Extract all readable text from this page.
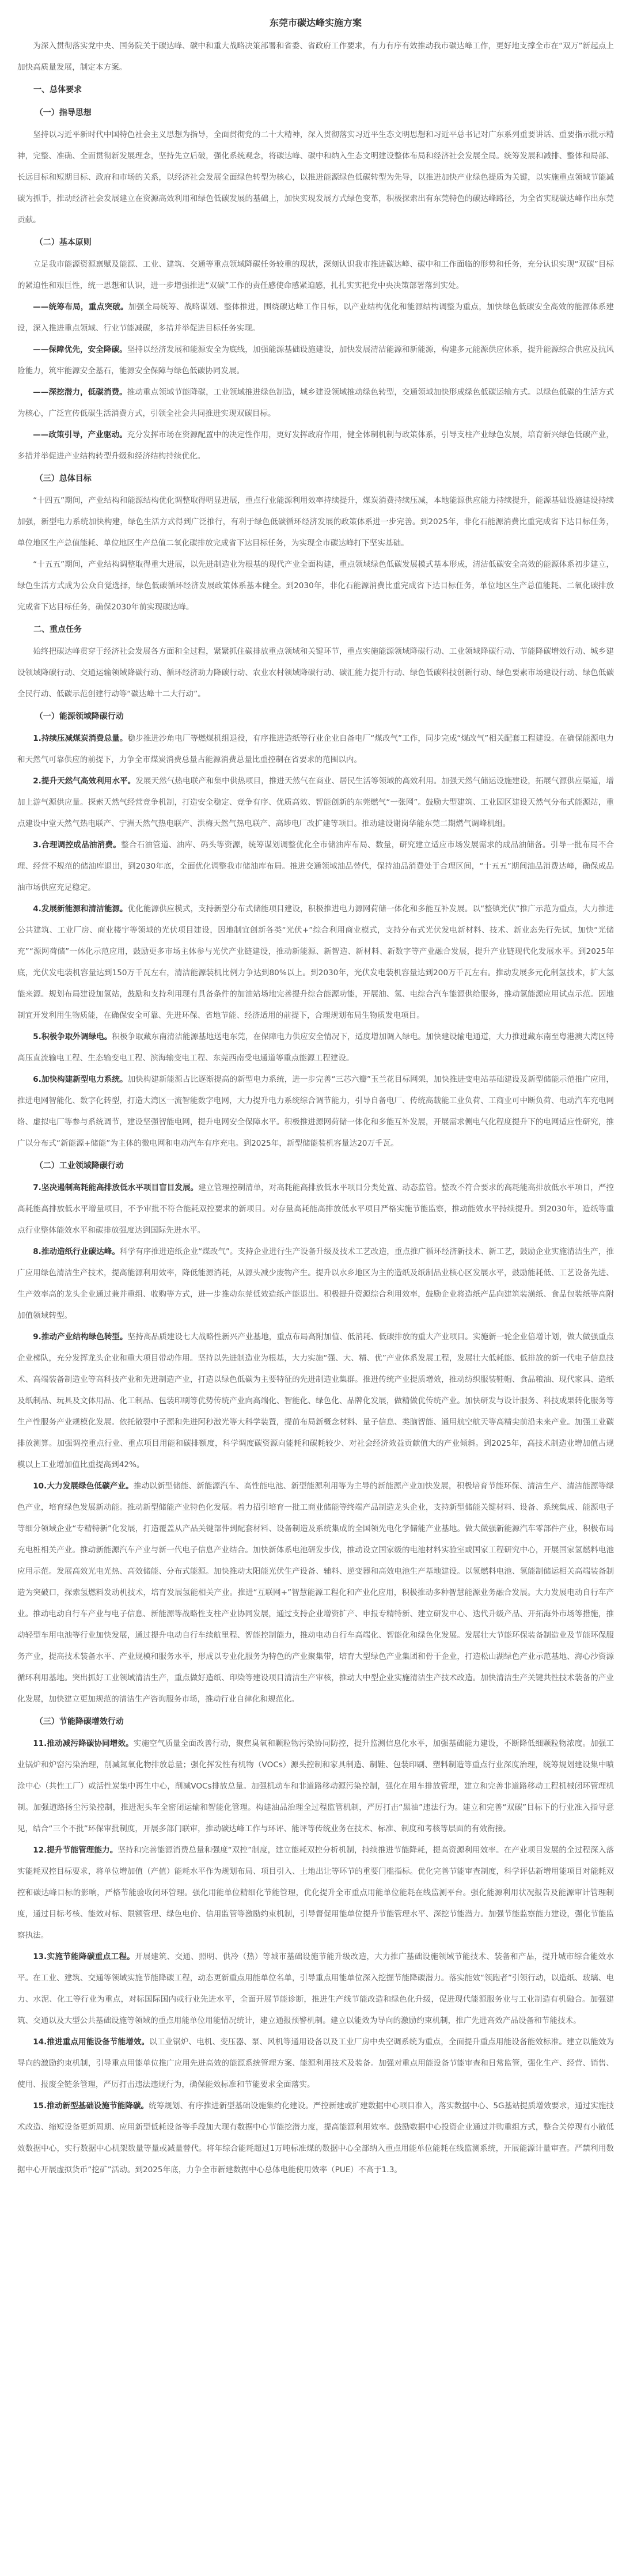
东莞市碳达峰实施方案

为深入贯彻落实党中央、国务院关于碳达峰、碳中和重大战略决策部署和省委、省政府工作要求，有力有序有效推动我市碳达峰工作，更好地支撑全市在“双万”新起点上加快高质量发展，制定本方案。

一、总体要求
（一）指导思想

坚持以习近平新时代中国特色社会主义思想为指导，全面贯彻党的二十大精神，深入贯彻落实习近平生态文明思想和习近平总书记对广东系列重要讲话、重要指示批示精神，完整、准确、全面贯彻新发展理念，坚持先立后破，强化系统观念，将碳达峰、碳中和纳入生态文明建设整体布局和经济社会发展全局。统筹发展和减排、整体和局部、长远目标和短期目标、政府和市场的关系，以经济社会发展全面绿色转型为核心，以推进能源绿色低碳转型为先导，以推进加快产业绿色提质为关键，以实施重点领域节能减碳为抓手，推动经济社会发展建立在资源高效利用和绿色低碳发展的基础上，加快实现发展方式绿色变革，积极探索出有东莞特色的碳达峰路径，为全省实现碳达峰作出东莞贡献。

（二）基本原则

立足我市能源资源禀赋及能源、工业、建筑、交通等重点领域降碳任务较重的现状，深刻认识我市推进碳达峰、碳中和工作面临的形势和任务，充分认识实现“双碳”目标的紧迫性和艰巨性，统一思想和认识，进一步增强推进“双碳”工作的责任感使命感紧迫感，扎扎实实把党中央决策部署落到实处。

——统筹布局，重点突破。加强全局统筹、战略谋划、整体推进，围绕碳达峰工作目标，以产业结构优化和能源结构调整为重点，加快绿色低碳安全高效的能源体系建设，深入推进重点领域、行业节能减碳，多措并举促进目标任务实现。

——保障优先，安全降碳。坚持以经济发展和能源安全为底线，加强能源基础设施建设，加快发展清洁能源和新能源，构建多元能源供应体系，提升能源综合供应及抗风险能力，筑牢能源安全基石，能源安全保障与绿色低碳协同发展。

——深挖潜力，低碳消费。推动重点领域节能降碳，工业领域推进绿色制造，城乡建设领域推动绿色转型，交通领域加快形成绿色低碳运输方式。以绿色低碳的生活方式为核心，广泛宣传低碳生活消费方式，引领全社会共同推进实现双碳目标。

——政策引导，产业驱动。充分发挥市场在资源配置中的决定性作用，更好发挥政府作用，健全体制机制与政策体系，引导支柱产业绿色发展，培育新兴绿色低碳产业，多措并举促进产业结构转型升级和经济结构持续优化。

（三）总体目标

“十四五”期间，产业结构和能源结构优化调整取得明显进展，重点行业能源利用效率持续提升，煤炭消费持续压减，本地能源供应能力持续提升，能源基础设施建设持续加强，新型电力系统加快构建，绿色生活方式得到广泛推行，有利于绿色低碳循环经济发展的政策体系进一步完善。到2025年，非化石能源消费比重完成省下达目标任务，单位地区生产总值能耗、单位地区生产总值二氧化碳排放完成省下达目标任务，为实现全市碳达峰打下坚实基础。

“十五五”期间，产业结构调整取得重大进展，以先进制造业为根基的现代产业全面构建，重点领域绿色低碳发展模式基本形成，清洁低碳安全高效的能源体系初步建立，绿色生活方式成为公众自觉选择，绿色低碳循环经济发展政策体系基本健全。到2030年，非化石能源消费比重完成省下达目标任务，单位地区生产总值能耗、二氧化碳排放完成省下达目标任务，确保2030年前实现碳达峰。

二、重点任务

始终把碳达峰贯穿于经济社会发展各方面和全过程，紧紧抓住碳排放重点领域和关键环节，重点实施能源领域降碳行动、工业领域降碳行动、节能降碳增效行动、城乡建设领域降碳行动、交通运输领域降碳行动、循环经济助力降碳行动、农业农村领域降碳行动、碳汇能力提升行动、绿色低碳科技创新行动、绿色要素市场建设行动、绿色低碳全民行动、低碳示范创建行动等“碳达峰十二大行动”。

（一）能源领域降碳行动

1.持续压减煤炭消费总量。稳步推进沙角电厂等燃煤机组退役，有序推进造纸等行业企业自备电厂“煤改气”工作，同步完成“煤改气”相关配套工程建设。在确保能源电力和天然气可靠供应的前提下，力争全市煤炭消费总量占能源消费总量比重控制在省要求的范围以内。

2.提升天然气高效利用水平。发展天然气热电联产和集中供热项目，推进天然气在商业、居民生活等领域的高效利用。加强天然气储运设施建设，拓展气源供应渠道，增加上游气源供应量。探索天然气经营竞争机制，打造安全稳定、竞争有序、优质高效、智能创新的东莞燃气“一张网”。鼓励大型建筑、工业园区建设天然气分布式能源站，重点建设中堂天然气热电联产、宁洲天然气热电联产、洪梅天然气热电联产、高埗电厂改扩建等项目。推动建设谢岗华能东莞二期燃气调峰机组。

3.合理调控成品油消费。整合石油管道、油库、码头等资源，统筹谋划调整优化全市储油库布局、数量，研究建立适应市场发展需求的成品油储备。引导一批布局不合理、经营不规范的储油库退出，到2030年底，全面优化调整我市储油库布局。推进交通领域油品替代，保持油品消费处于合理区间，“十五五”期间油品消费达峰，确保成品油市场供应充足稳定。

4.发展新能源和清洁能源。优化能源供应模式，支持新型分布式储能项目建设，积极推进电力源网荷储一体化和多能互补发展。以“整镇光伏”推广示范为重点，大力推进公共建筑、工业厂房、商业楼宇等领域的光伏项目建设，因地制宜创新各类“光伏+”综合利用商业模式，支持分布式光伏发电新材料、技术、新业态先行先试，加快“光储充”“源网荷储”一体化示范应用，鼓励更多市场主体参与光伏产业链建设，推动新能源、新智造、新材料、新数字等产业融合发展，提升产业链现代化发展水平。到2025年底，光伏发电装机容量达到150万千瓦左右，清洁能源装机比例力争达到80%以上。到2030年，光伏发电装机容量达到200万千瓦左右。推动发展多元化制氢技术，扩大氢能来源。规划布局建设加氢站，鼓励和支持利用现有具备条件的加油站场地完善提升综合能源功能，开展油、氢、电综合汽车能源供给服务，推动氢能源应用试点示范。因地制宜开发利用生物质能，在确保安全可靠、先进环保、省地节能、经济适用的前提下，合理规划布局生物质发电项目。

5.积极争取外调绿电。积极争取藏东南清洁能源基地送电东莞，在保障电力供应安全情况下，适度增加调入绿电。加快建设输电通道，大力推进藏东南至粤港澳大湾区特高压直流输电工程、生态输变电工程、滨海输变电工程、东莞西南受电通道等重点能源工程建设。

6.加快构建新型电力系统。加快构建新能源占比逐渐提高的新型电力系统，进一步完善“三芯六瓣”玉兰花目标网架，加快推进变电站基础建设及新型储能示范推广应用，推进电网智能化、数字化转型，打造大湾区一流智能数字电网，大力提升电力系统综合调节能力，引导自备电厂、传统高载能工业负荷、工商业可中断负荷、电动汽车充电网络、虚拟电厂等参与系统调节，建设坚强智能电网，提升电网安全保障水平。积极推进源网荷储一体化和多能互补发展，开展需求侧电气化程度提升下的电网适应性研究，推广以分布式“新能源+储能”为主体的微电网和电动汽车有序充电。到2025年，新型储能装机容量达20万千瓦。

（二）工业领域降碳行动

7.坚决遏制高耗能高排放低水平项目盲目发展。建立管理控制清单，对高耗能高排放低水平项目分类处置、动态监管。整改不符合要求的高耗能高排放低水平项目，严控高耗能高排放低水平增量项目，不予审批不符合能耗双控要求的新项目。对存量高耗能高排放低水平项目严格实施节能监察，推动能效水平持续提升。到2030年，造纸等重点行业整体能效水平和碳排放强度达到国际先进水平。

8.推动造纸行业碳达峰。科学有序推进造纸企业“煤改气”。支持企业进行生产设备升级及技术工艺改造，重点推广循环经济新技术、新工艺，鼓励企业实施清洁生产，推广应用绿色清洁生产技术，提高能源利用效率，降低能源消耗，从源头减少废物产生。提升以水乡地区为主的造纸及纸制品业核心区发展水平，鼓励能耗低、工艺设备先进、生产效率高的龙头企业通过兼并重组、收购等方式，进一步推动东莞低效造纸产能退出。积极提升资源综合利用效率，鼓励企业将造纸产品向建筑装潢纸、食品包装纸等高附加值领域转型。

9.推动产业结构绿色转型。坚持高品质建设七大战略性新兴产业基地，重点布局高附加值、低消耗、低碳排放的重大产业项目。实施新一轮企业倍增计划，做大做强重点企业梯队，充分发挥龙头企业和重大项目带动作用。坚持以先进制造业为根基，大力实施“强、大、精、优”产业体系发展工程，发展壮大低耗能、低排放的新一代电子信息技术、高端装备制造业等高科技产业和先进制造产业，打造以绿色低碳为主要特征的先进制造业集群。推进传统产业提质增效，推动纺织服装鞋帽、食品粮油、现代家具、造纸及纸制品、玩具及文体用品、化工制品、包装印刷等优势传统产业向高端化、智能化、绿色化、品牌化发展，做精做优传统产业。加快研发与设计服务、科技成果转化服务等生产性服务产业规模化发展。依托散裂中子源和先进阿秒激光等大科学装置，提前布局新概念材料、量子信息、类脑智能、通用航空航天等高精尖前沿未来产业。加强工业碳排放测算。加强调控重点行业、重点项目用能和碳排额度，科学调度碳资源向能耗和碳耗较少、对社会经济效益贡献值大的产业倾斜。到2025年，高技术制造业增加值占规模以上工业增加值比重提高到42%。

10.大力发展绿色低碳产业。推动以新型储能、新能源汽车、高性能电池、新型能源利用等为主导的新能源产业加快发展，积极培育节能环保、清洁生产、清洁能源等绿色产业，培育绿色发展新动能。推动新型储能产业特色化发展。着力招引培育一批工商业储能等终端产品制造龙头企业，支持新型储能关键材料、设备、系统集成、能源电子等细分领域企业“专精特新”化发展，打造覆盖从产品关键部件到配套材料、设备制造及系统集成的全国领先电化学储能产业基地。做大做强新能源汽车零部件产业，积极布局充电桩相关产业。推动新能源汽车产业与新一代电子信息产业结合。加快新体系电池研发步伐，推动设立国家级的电池材料实验室或国家工程研究中心，开展国家氢燃料电池应用示范。发展高效光电光热、高效储能、分布式能源。加快推动太阳能光伏生产设备、辅料、逆变器和高效电池生产基地建设。以氢燃料电池、氢能制储运相关高端装备制造为突破口，探索氢燃料发动机技术，培育发展氢能相关产业。推进“互联网+”智慧能源工程化和产业化应用，积极推动多种智慧能源业务融合发展。大力发展电动自行车产业。推动电动自行车产业与电子信息、新能源等战略性支柱产业协同发展，通过支持企业增资扩产、申报专精特新、建立研发中心、迭代升级产品、开拓海外市场等措施，推动轻型车用电池等行业加快发展，通过提升电动自行车续航里程、智能控制能力，推动电动自行车高端化、智能化和绿色化发展。发展壮大节能环保装备制造业及节能环保服务产业，提高技术装备水平、产业规模和服务水平，形成以专业化服务为特色的产业聚集带，培育大型绿色产业集团和骨干企业，打造松山湖绿色产业示范基地、海心沙资源循环利用基地。突出抓好工业领域清洁生产，重点做好造纸、印染等建设项目清洁生产审核，推动大中型企业实施清洁生产技术改造。加快清洁生产关键共性技术装备的产业化发展，加快建立更加规范的清洁生产咨询服务市场，推动行业自律化和规范化。

（三）节能降碳增效行动

11.推动减污降碳协同增效。实施空气质量全面改善行动，聚焦臭氧和颗粒物污染协同防控，提升监测信息化水平，加强基础能力建设，不断降低细颗粒物浓度。加强工业锅炉和炉窑污染治理，削减氮氧化物排放总量；强化挥发性有机物（VOCs）源头控制和家具制造、制鞋、包装印刷、塑料制造等重点行业深度治理，统筹规划建设集中喷涂中心（共性工厂）或活性炭集中再生中心，削减VOCs排放总量。加强机动车和非道路移动源污染控制，强化在用车排放管理，建立和完善非道路移动工程机械闭环管理机制。加强道路扬尘污染控制，推进泥头车全密闭运输和智能化管理。构建油品治理全过程监管机制，严厉打击“黑油”违法行为。建立和完善“双碳”目标下的行业准入指导意见，结合“三个不批”环保审批制度，开展多部门联审，推动碳达峰工作与环评、能评等传统业务在技术、标准、制度和考核等层面的有效衔接。

12.提升节能管理能力。坚持和完善能源消费总量和强度“双控”制度，建立能耗双控分析机制，持续推进节能降耗，提高资源利用效率。在产业项目发展的全过程深入落实能耗双控目标要求，将单位增加值（产值）能耗水平作为规划布局、项目引入、土地出让等环节的重要门槛指标。优化完善节能审查制度，科学评估新增用能项目对能耗双控和碳达峰目标的影响，严格节能验收闭环管理。强化用能单位精细化节能管理，优化提升全市重点用能单位能耗在线监测平台。强化能源利用状况报告及能源审计管理制度，通过目标考核、能效对标、限额管理、绿色电价、信用监管等激励约束机制，引导督促用能单位提升节能管理水平、深挖节能潜力。加强节能监察能力建设，强化节能监察执法。

13.实施节能降碳重点工程。开展建筑、交通、照明、供冷（热）等城市基础设施节能升级改造，大力推广基础设施领域节能技术、装备和产品，提升城市综合能效水平。在工业、建筑、交通等领域实施节能降碳工程，动态更新重点用能单位名单，引导重点用能单位深入挖掘节能降碳潜力。落实能效“领跑者”引领行动，以造纸、玻璃、电力、水泥、化工等行业为重点，对标国际国内或行业先进水平，全面开展节能诊断，推进生产线节能改造和绿色化升级，促进现代能源服务业与工业制造有机融合。加强建筑、交通以及大型公共基础设施等领域的重点用能单位用能情况统计，建立通报预警机制。建立以能效为导向的激励约束机制，推广先进高效产品设备和节能技术。

14.推进重点用能设备节能增效。以工业锅炉、电机、变压器、泵、风机等通用设备以及工业厂房中央空调系统为重点，全面提升重点用能设备能效标准。建立以能效为导向的激励约束机制，引导重点用能单位推广应用先进高效的能源系统管理方案、能源利用技术及装备。加强对重点用能设备节能审查和日常监管，强化生产、经营、销售、使用、报废全链条管理，严厉打击违法违规行为，确保能效标准和节能要求全面落实。

15.推动新型基础设施节能降碳。统筹规划、有序推进新型基础设施集约化建设。严控新建或扩建数据中心项目准入，落实数据中心、5G基站提质增效要求，通过实施技术改造、缩短设备更新周期、应用新型低耗设备等手段加大现有数据中心节能挖潜力度，提高能源利用效率。鼓励数据中心投资企业通过并购重组方式，整合关停现有小散低效数据中心，实行数据中心机架数量等量或减量替代。将年综合能耗超过1万吨标准煤的数据中心全部纳入重点用能单位能耗在线监测系统，开展能源计量审查。严禁利用数据中心开展虚拟货币“挖矿”活动。到2025年底，力争全市新建数据中心总体电能使用效率（PUE）不高于1.3。
